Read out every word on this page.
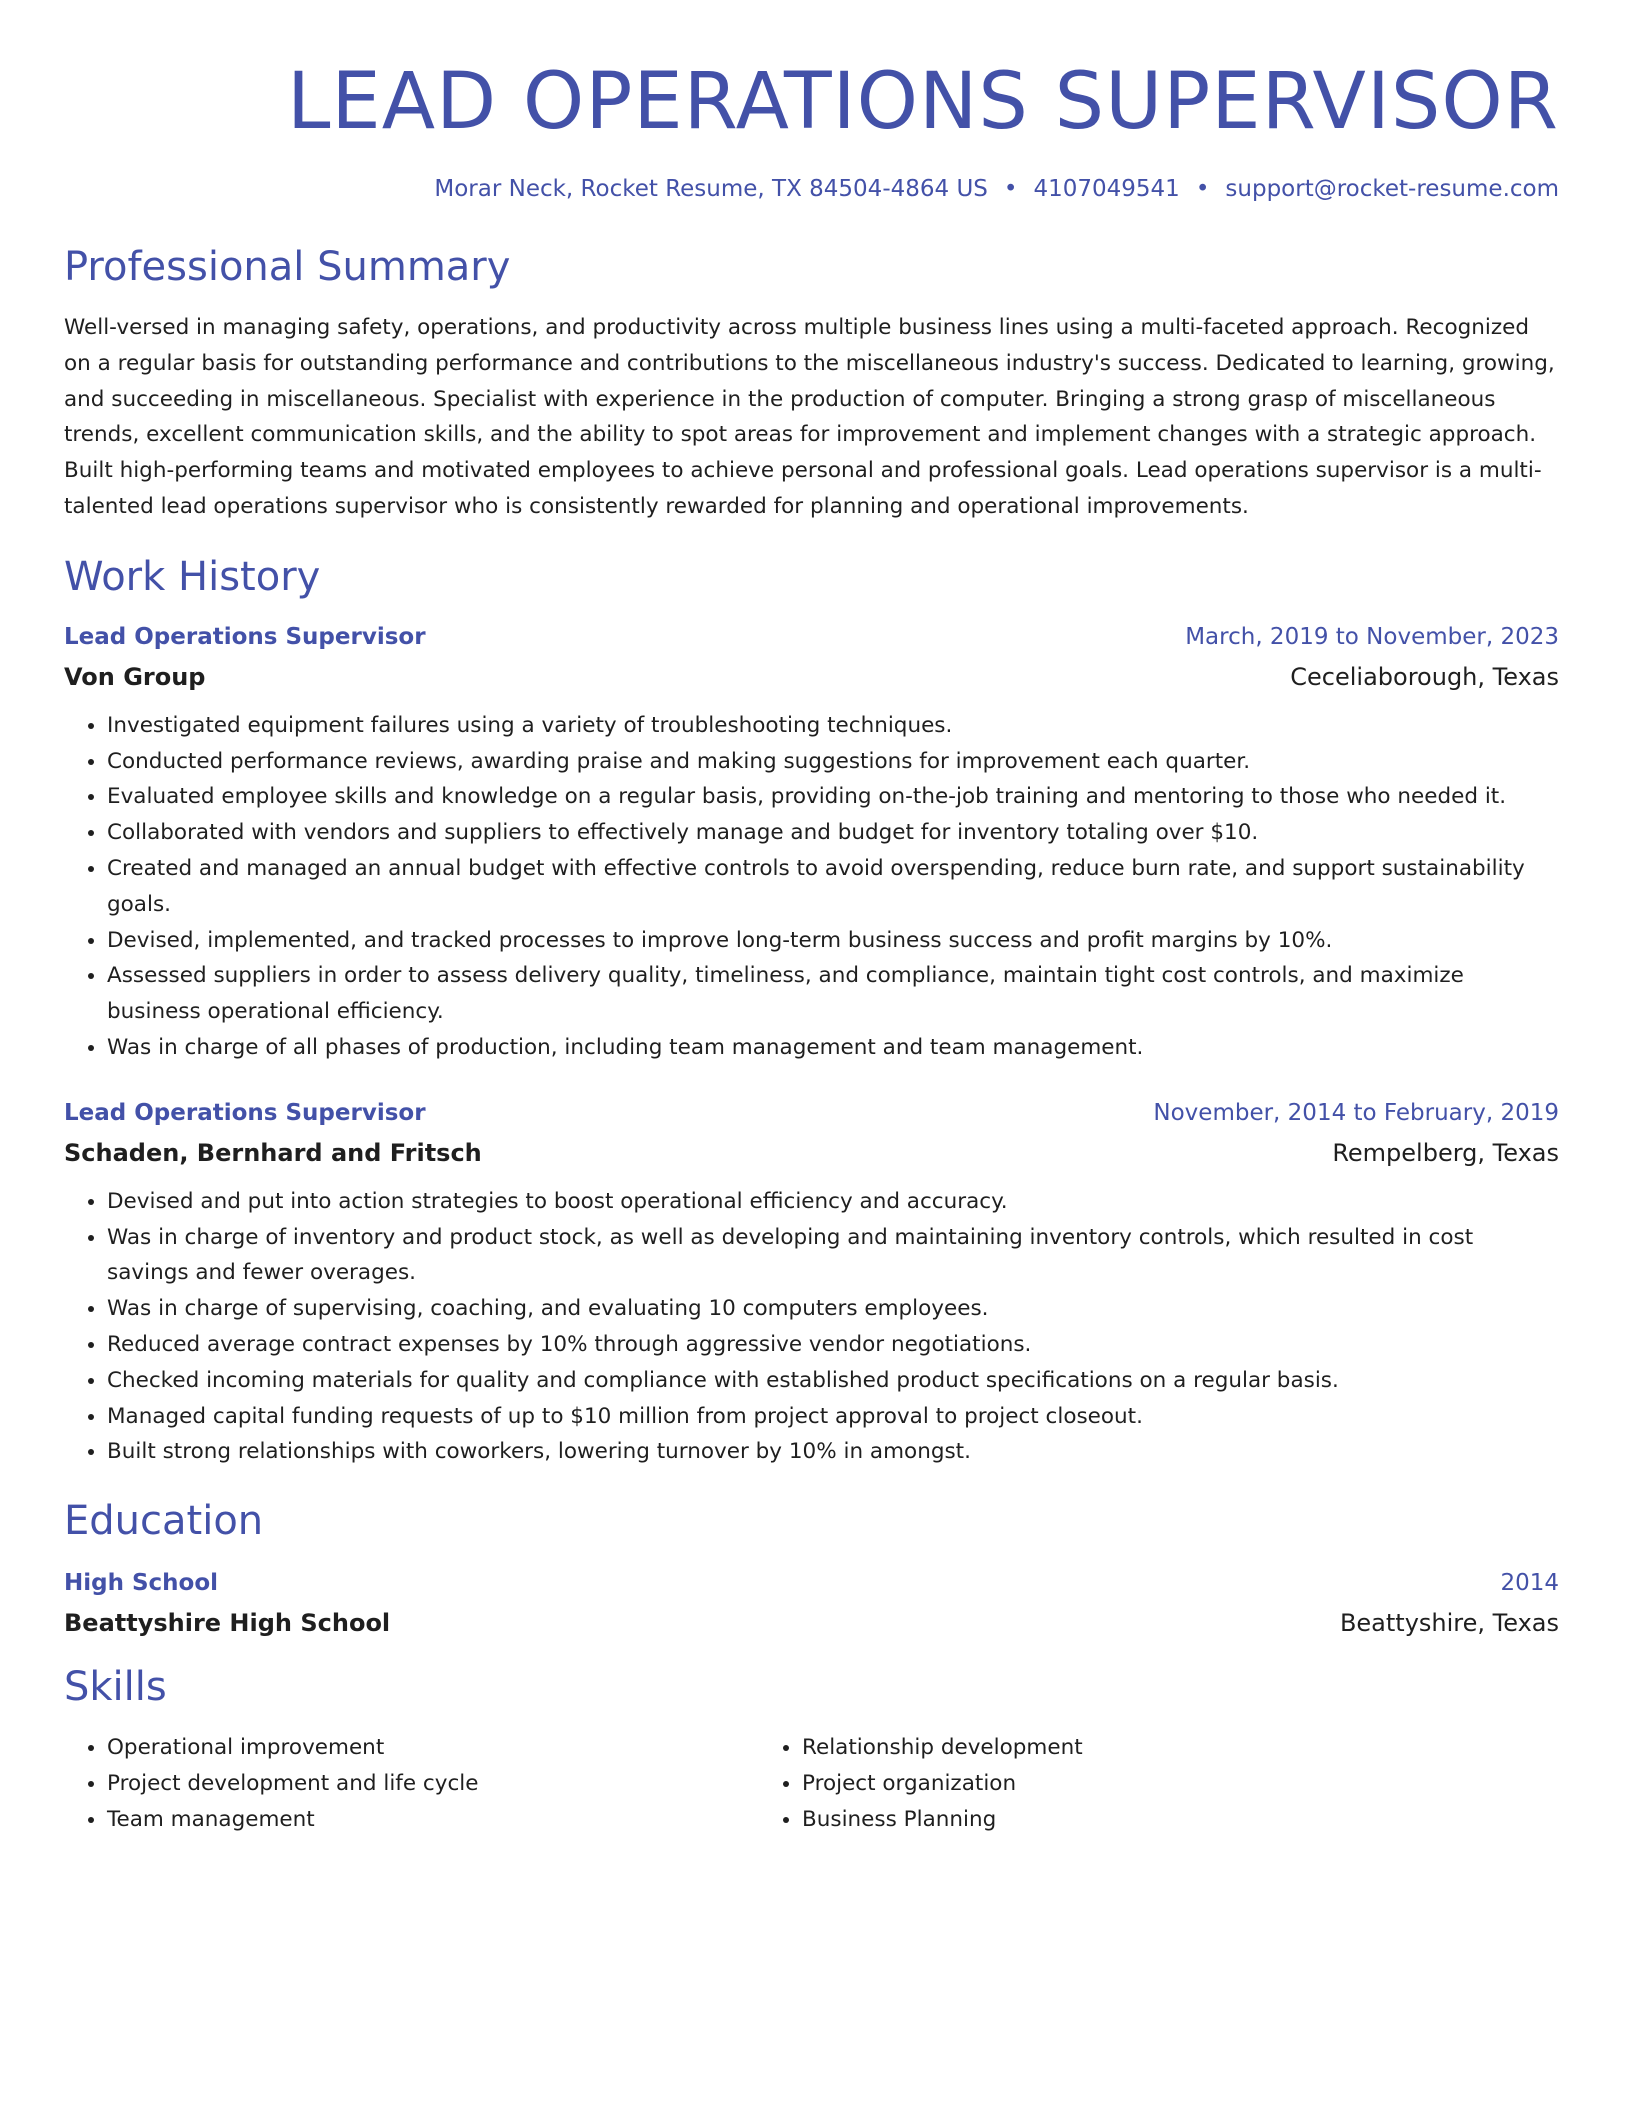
LEAD OPERATIONS SUPERVISOR
Morar Neck, Rocket Resume, TX 84504-4864 US • 4107049541 • support@rocket-resume.com
Professional Summary

Well-versed in managing safety, operations, and productivity across multiple business lines using a multi-faceted approach. Recognized on a regular basis for outstanding performance and contributions to the miscellaneous industry's success. Dedicated to learning, growing, and succeeding in miscellaneous. Specialist with experience in the production of computer. Bringing a strong grasp of miscellaneous trends, excellent communication skills, and the ability to spot areas for improvement and implement changes with a strategic approach. Built high-performing teams and motivated employees to achieve personal and professional goals. Lead operations supervisor is a multi-talented lead operations supervisor who is consistently rewarded for planning and operational improvements.

Work History
Lead Operations Supervisor	March, 2019 to November, 2023
Von Group	Ceceliaborough, Texas
• Investigated equipment failures using a variety of troubleshooting techniques.
• Conducted performance reviews, awarding praise and making suggestions for improvement each quarter.
• Evaluated employee skills and knowledge on a regular basis, providing on-the-job training and mentoring to those who needed it.
• Collaborated with vendors and suppliers to effectively manage and budget for inventory totaling over $10.
• Created and managed an annual budget with effective controls to avoid overspending, reduce burn rate, and support sustainability goals.
• Devised, implemented, and tracked processes to improve long-term business success and profit margins by 10%.
• Assessed suppliers in order to assess delivery quality, timeliness, and compliance, maintain tight cost controls, and maximize business operational efficiency.
• Was in charge of all phases of production, including team management and team management.
Lead Operations Supervisor	November, 2014 to February, 2019
Schaden, Bernhard and Fritsch	Rempelberg, Texas
• Devised and put into action strategies to boost operational efficiency and accuracy.
• Was in charge of inventory and product stock, as well as developing and maintaining inventory controls, which resulted in cost savings and fewer overages.
• Was in charge of supervising, coaching, and evaluating 10 computers employees.
• Reduced average contract expenses by 10% through aggressive vendor negotiations.
• Checked incoming materials for quality and compliance with established product specifications on a regular basis.
• Managed capital funding requests of up to $10 million from project approval to project closeout.
• Built strong relationships with coworkers, lowering turnover by 10% in amongst.
Education
High School	2014
Beattyshire High School	Beattyshire, Texas
Skills
• Operational improvement
• Project development and life cycle
• Team management
• Relationship development
• Project organization
• Business Planning
